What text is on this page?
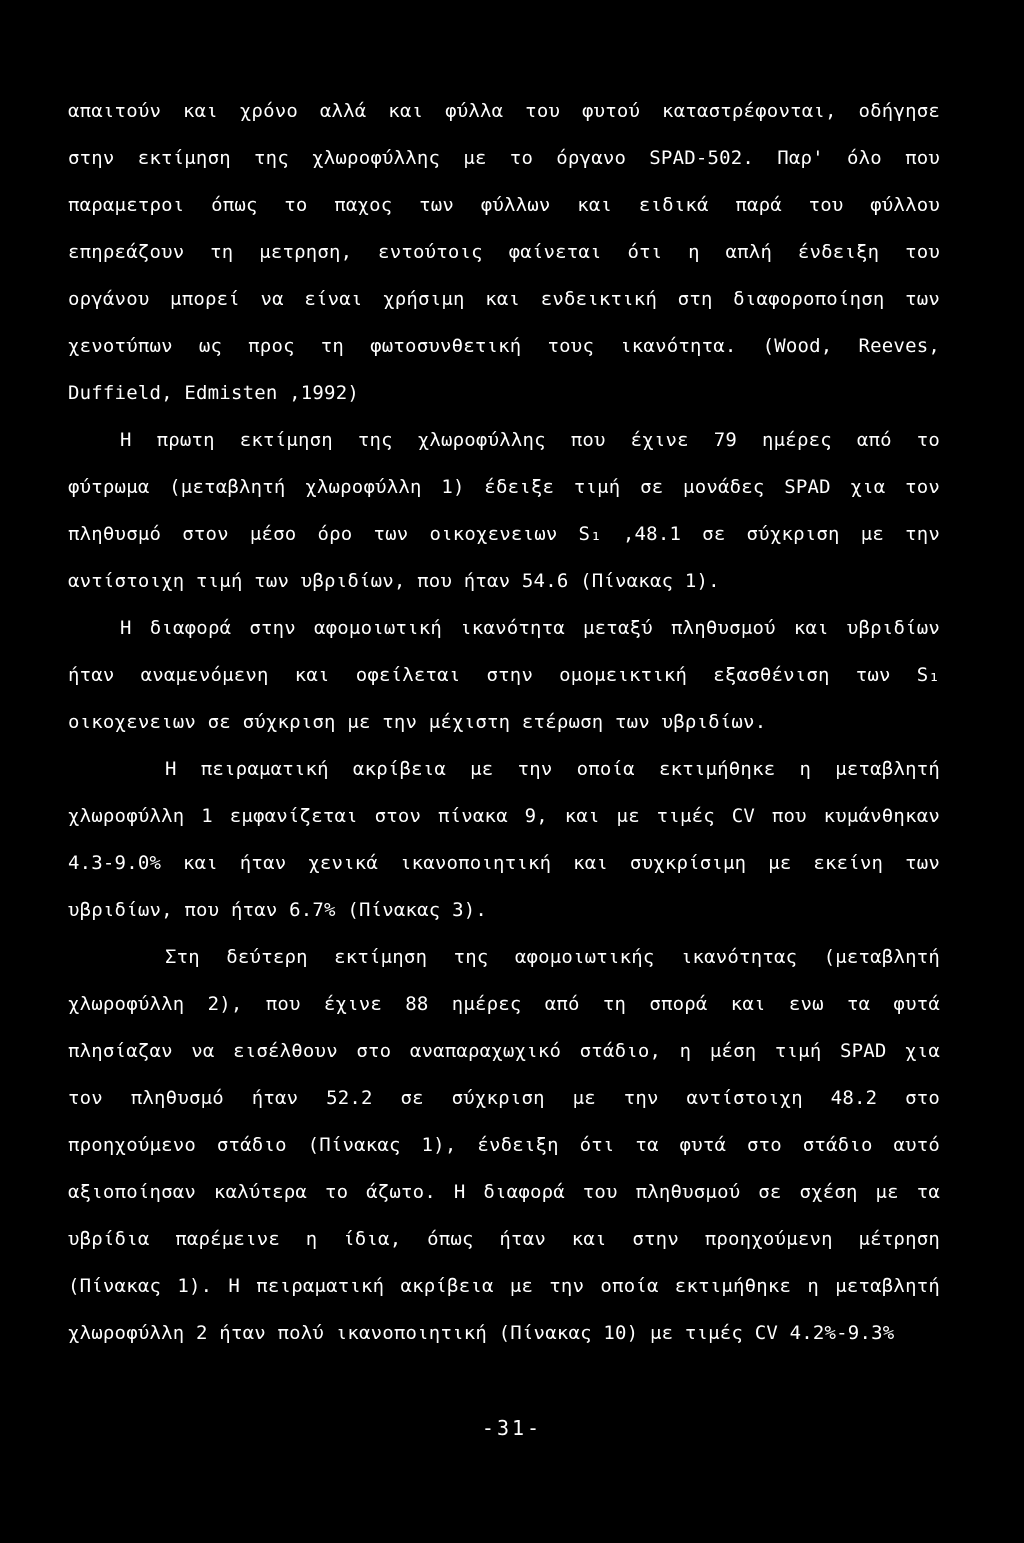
απαιτούν και χρόνο αλλά και φύλλα του φυτού καταστρέφονται, οδήγησε
στην εκτίμηση της χλωροφύλλης με το όργανο SPAD-502. Παρ' όλο που
παραμετροι όπως το παχος των φύλλων και ειδικά παρά του φύλλου
επηρεάζουν τη μετρηση, εντούτοις φαίνεται ότι η απλή ένδειξη του
οργάνου μπορεί να είναι χρήσιμη και ενδεικτική στη διαφοροποίηση των
χενοτύπων ως προς τη φωτοσυνθετική τους ικανότητα. (Wood, Reeves,
Duffield, Edmisten ,1992)
Η πρωτη εκτίμηση της χλωροφύλλης που έχινε 79 ημέρες από το
φύτρωμα (μεταβλητή χλωροφύλλη 1) έδειξε τιμή σε μονάδες SPAD χια τον
πληθυσμό στον μέσο όρο των οικοχενειων S₁ ,48.1 σε σύχκριση με την
αντίστοιχη τιμή των υβριδίων, που ήταν 54.6 (Πίνακας 1).
Η διαφορά στην αφομοιωτική ικανότητα μεταξύ πληθυσμού και υβριδίων
ήταν αναμενόμενη και οφείλεται στην ομομεικτική εξασθένιση των S₁
οικοχενειων σε σύχκριση με την μέχιστη ετέρωση των υβριδίων.
Η πειραματική ακρίβεια με την οποία εκτιμήθηκε η μεταβλητή
χλωροφύλλη 1 εμφανίζεται στον πίνακα 9, και με τιμές CV που κυμάνθηκαν
4.3-9.0% και ήταν χενικά ικανοποιητική και συχκρίσιμη με εκείνη των
υβριδίων, που ήταν 6.7% (Πίνακας 3).
Στη δεύτερη εκτίμηση της αφομοιωτικής ικανότητας (μεταβλητή
χλωροφύλλη 2), που έχινε 88 ημέρες από τη σπορά και ενω τα φυτά
πλησίαζαν να εισέλθουν στο αναπαραχωχικό στάδιο, η μέση τιμή SPAD χια
τον πληθυσμό ήταν 52.2 σε σύχκριση με την αντίστοιχη 48.2 στο
προηχούμενο στάδιο (Πίνακας 1), ένδειξη ότι τα φυτά στο στάδιο αυτό
αξιοποίησαν καλύτερα το άζωτο. Η διαφορά του πληθυσμού σε σχέση με τα
υβρίδια παρέμεινε η ίδια, όπως ήταν και στην προηχούμενη μέτρηση
(Πίνακας 1). Η πειραματική ακρίβεια με την οποία εκτιμήθηκε η μεταβλητή
χλωροφύλλη 2 ήταν πολύ ικανοποιητική (Πίνακας 10) με τιμές CV 4.2%-9.3%
-31-
